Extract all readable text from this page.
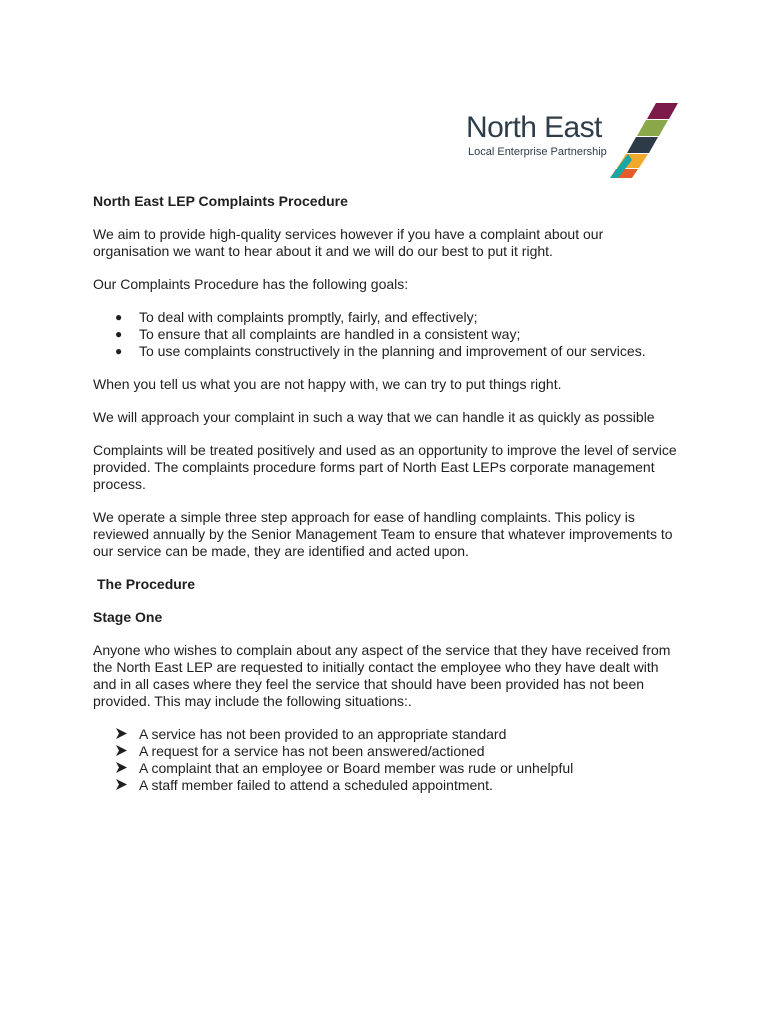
North East
Local Enterprise Partnership

North East LEP Complaints Procedure

We aim to provide high-quality services however if you have a complaint about our organisation we want to hear about it and we will do our best to put it right.

Our Complaints Procedure has the following goals:

● To deal with complaints promptly, fairly, and effectively;
● To ensure that all complaints are handled in a consistent way;
● To use complaints constructively in the planning and improvement of our services.

When you tell us what you are not happy with, we can try to put things right.

We will approach your complaint in such a way that we can handle it as quickly as possible

Complaints will be treated positively and used as an opportunity to improve the level of service provided. The complaints procedure forms part of North East LEPs corporate management process.

We operate a simple three step approach for ease of handling complaints. This policy is reviewed annually by the Senior Management Team to ensure that whatever improvements to our service can be made, they are identified and acted upon.

The Procedure

Stage One

Anyone who wishes to complain about any aspect of the service that they have received from the North East LEP are requested to initially contact the employee who they have dealt with and in all cases where they feel the service that should have been provided has not been provided. This may include the following situations:.

A service has not been provided to an appropriate standard
A request for a service has not been answered/actioned
A complaint that an employee or Board member was rude or unhelpful
A staff member failed to attend a scheduled appointment.
